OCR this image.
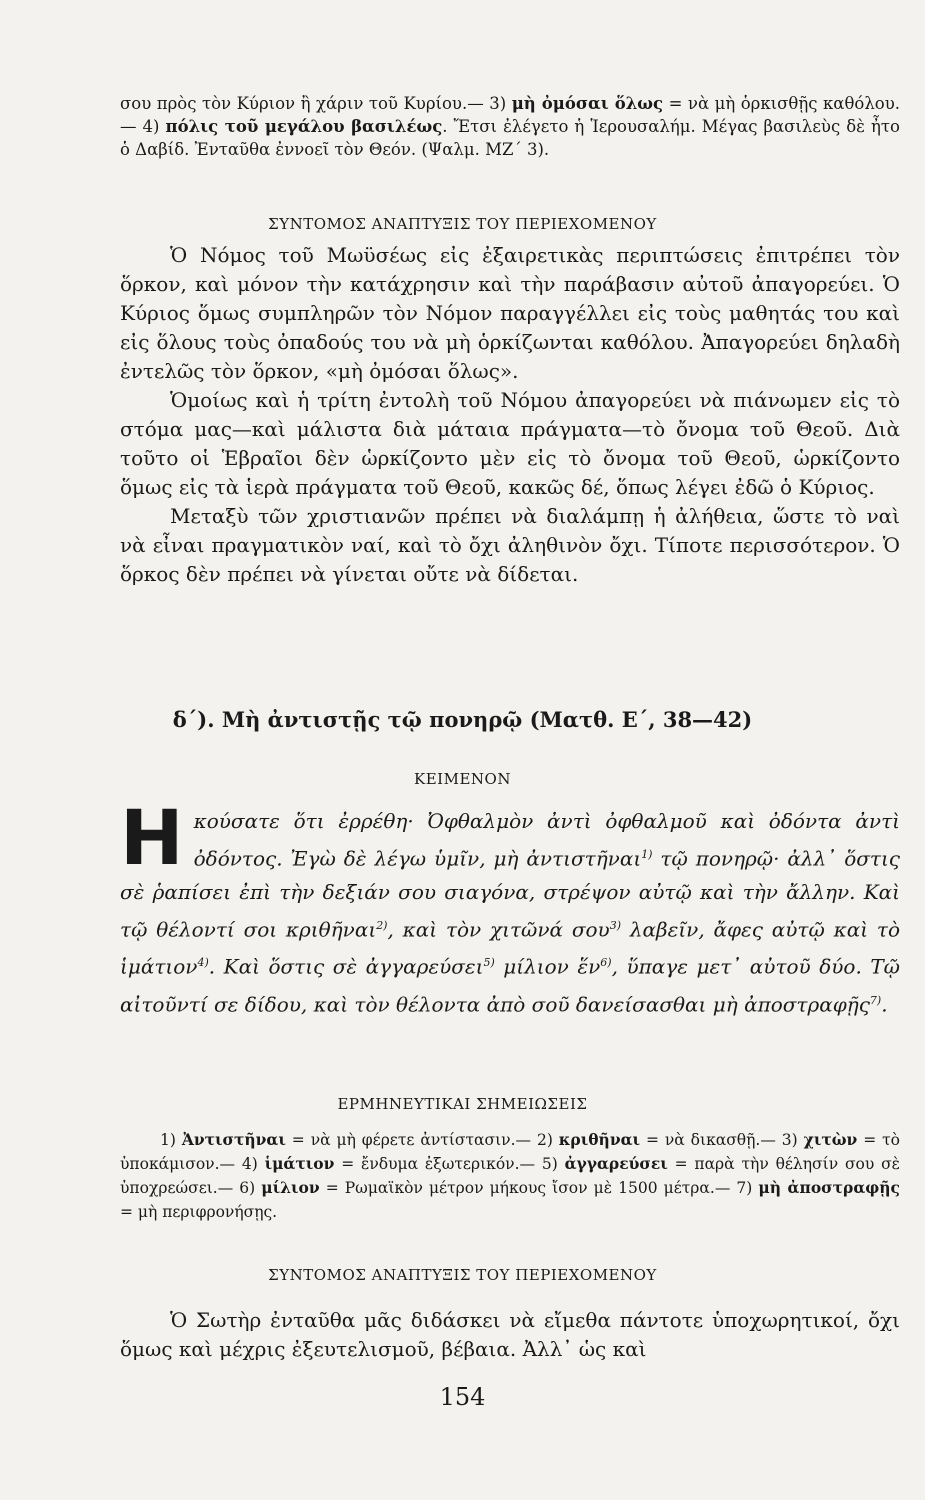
σου πρὸς τὸν Κύριον ἢ χάριν τοῦ Κυρίου.— 3) μὴ ὀμόσαι ὅλως = νὰ μὴ ὁρκισθῇς καθόλου.— 4) πόλις τοῦ μεγάλου βασιλέως. Ἔτσι ἐλέγετο ἡ Ἱερουσαλήμ. Μέγας βασιλεὺς δὲ ἦτο ὁ Δαβίδ. Ἐνταῦθα ἐννοεῖ τὸν Θεόν. (Ψαλμ. ΜΖ΄ 3).

ΣΥΝΤΟΜΟΣ ΑΝΑΠΤΥΞΙΣ ΤΟΥ ΠΕΡΙΕΧΟΜΕΝΟΥ

Ὁ Νόμος τοῦ Μωϋσέως εἰς ἐξαιρετικὰς περιπτώσεις ἐπιτρέπει τὸν ὅρκον, καὶ μόνον τὴν κατάχρησιν καὶ τὴν παράβασιν αὐτοῦ ἀπαγορεύει. Ὁ Κύριος ὅμως συμπληρῶν τὸν Νόμον παραγγέλλει εἰς τοὺς μαθητάς του καὶ εἰς ὅλους τοὺς ὀπαδούς του νὰ μὴ ὁρκίζωνται καθόλου. Ἀπαγορεύει δηλαδὴ ἐντελῶς τὸν ὅρκον, «μὴ ὀμόσαι ὅλως».

Ὁμοίως καὶ ἡ τρίτη ἐντολὴ τοῦ Νόμου ἀπαγορεύει νὰ πιάνωμεν εἰς τὸ στόμα μας—καὶ μάλιστα διὰ μάταια πράγματα—τὸ ὄνομα τοῦ Θεοῦ. Διὰ τοῦτο οἱ Ἑβραῖοι δὲν ὡρκίζοντο μὲν εἰς τὸ ὄνομα τοῦ Θεοῦ, ὡρκίζοντο ὅμως εἰς τὰ ἱερὰ πράγματα τοῦ Θεοῦ, κακῶς δέ, ὅπως λέγει ἐδῶ ὁ Κύριος.

Μεταξὺ τῶν χριστιανῶν πρέπει νὰ διαλάμπῃ ἡ ἀλήθεια, ὥστε τὸ ναὶ νὰ εἶναι πραγματικὸν ναί, καὶ τὸ ὄχι ἀληθινὸν ὄχι. Τίποτε περισσότερον. Ὁ ὅρκος δὲν πρέπει νὰ γίνεται οὔτε νὰ δίδεται.

δ΄). Μὴ ἀντιστῇς τῷ πονηρῷ (Ματθ. Ε΄, 38—42)
ΚΕΙΜΕΝΟΝ

Ηκούσατε ὅτι ἐρρέθη· Ὀφθαλμὸν ἀντὶ ὀφθαλμοῦ καὶ ὀδόντα ἀντὶ ὀδόντος. Ἐγὼ δὲ λέγω ὑμῖν, μὴ ἀντιστῆναι$^{1)}$ τῷ πονηρῷ· ἀλλ᾽ ὅστις σὲ ῥαπίσει ἐπὶ τὴν δεξιάν σου σιαγόνα, στρέψον αὐτῷ καὶ τὴν ἄλλην. Καὶ τῷ θέλοντί σοι κριθῆναι$^{2)}$, καὶ τὸν χιτῶνά σου$^{3)}$ λαβεῖν, ἄφες αὐτῷ καὶ τὸ ἱμάτιον$^{4)}$. Καὶ ὅστις σὲ ἀγγαρεύσει$^{5)}$ μίλιον ἕν$^{6)}$, ὕπαγε μετ᾽ αὐτοῦ δύο. Τῷ αἰτοῦντί σε δίδου, καὶ τὸν θέλοντα ἀπὸ σοῦ δανείσασθαι μὴ ἀποστραφῇς$^{7)}$.

ΕΡΜΗΝΕΥΤΙΚΑΙ ΣΗΜΕΙΩΣΕΙΣ

1) Ἀντιστῆναι = νὰ μὴ φέρετε ἀντίστασιν.— 2) κριθῆναι = νὰ δικασθῇ.— 3) χιτὼν = τὸ ὑποκάμισον.— 4) ἱμάτιον = ἔνδυμα ἐξωτερικόν.— 5) ἀγγαρεύσει = παρὰ τὴν θέλησίν σου σὲ ὑποχρεώσει.— 6) μίλιον = Ρωμαϊκὸν μέτρον μήκους ἴσον μὲ 1500 μέτρα.— 7) μὴ ἀποστραφῇς = μὴ περιφρονήσῃς.

ΣΥΝΤΟΜΟΣ ΑΝΑΠΤΥΞΙΣ ΤΟΥ ΠΕΡΙΕΧΟΜΕΝΟΥ

Ὁ Σωτὴρ ἐνταῦθα μᾶς διδάσκει νὰ εἴμεθα πάντοτε ὑποχωρητικοί, ὄχι ὅμως καὶ μέχρις ἐξευτελισμοῦ, βέβαια. Ἀλλ᾽ ὡς καὶ

154
